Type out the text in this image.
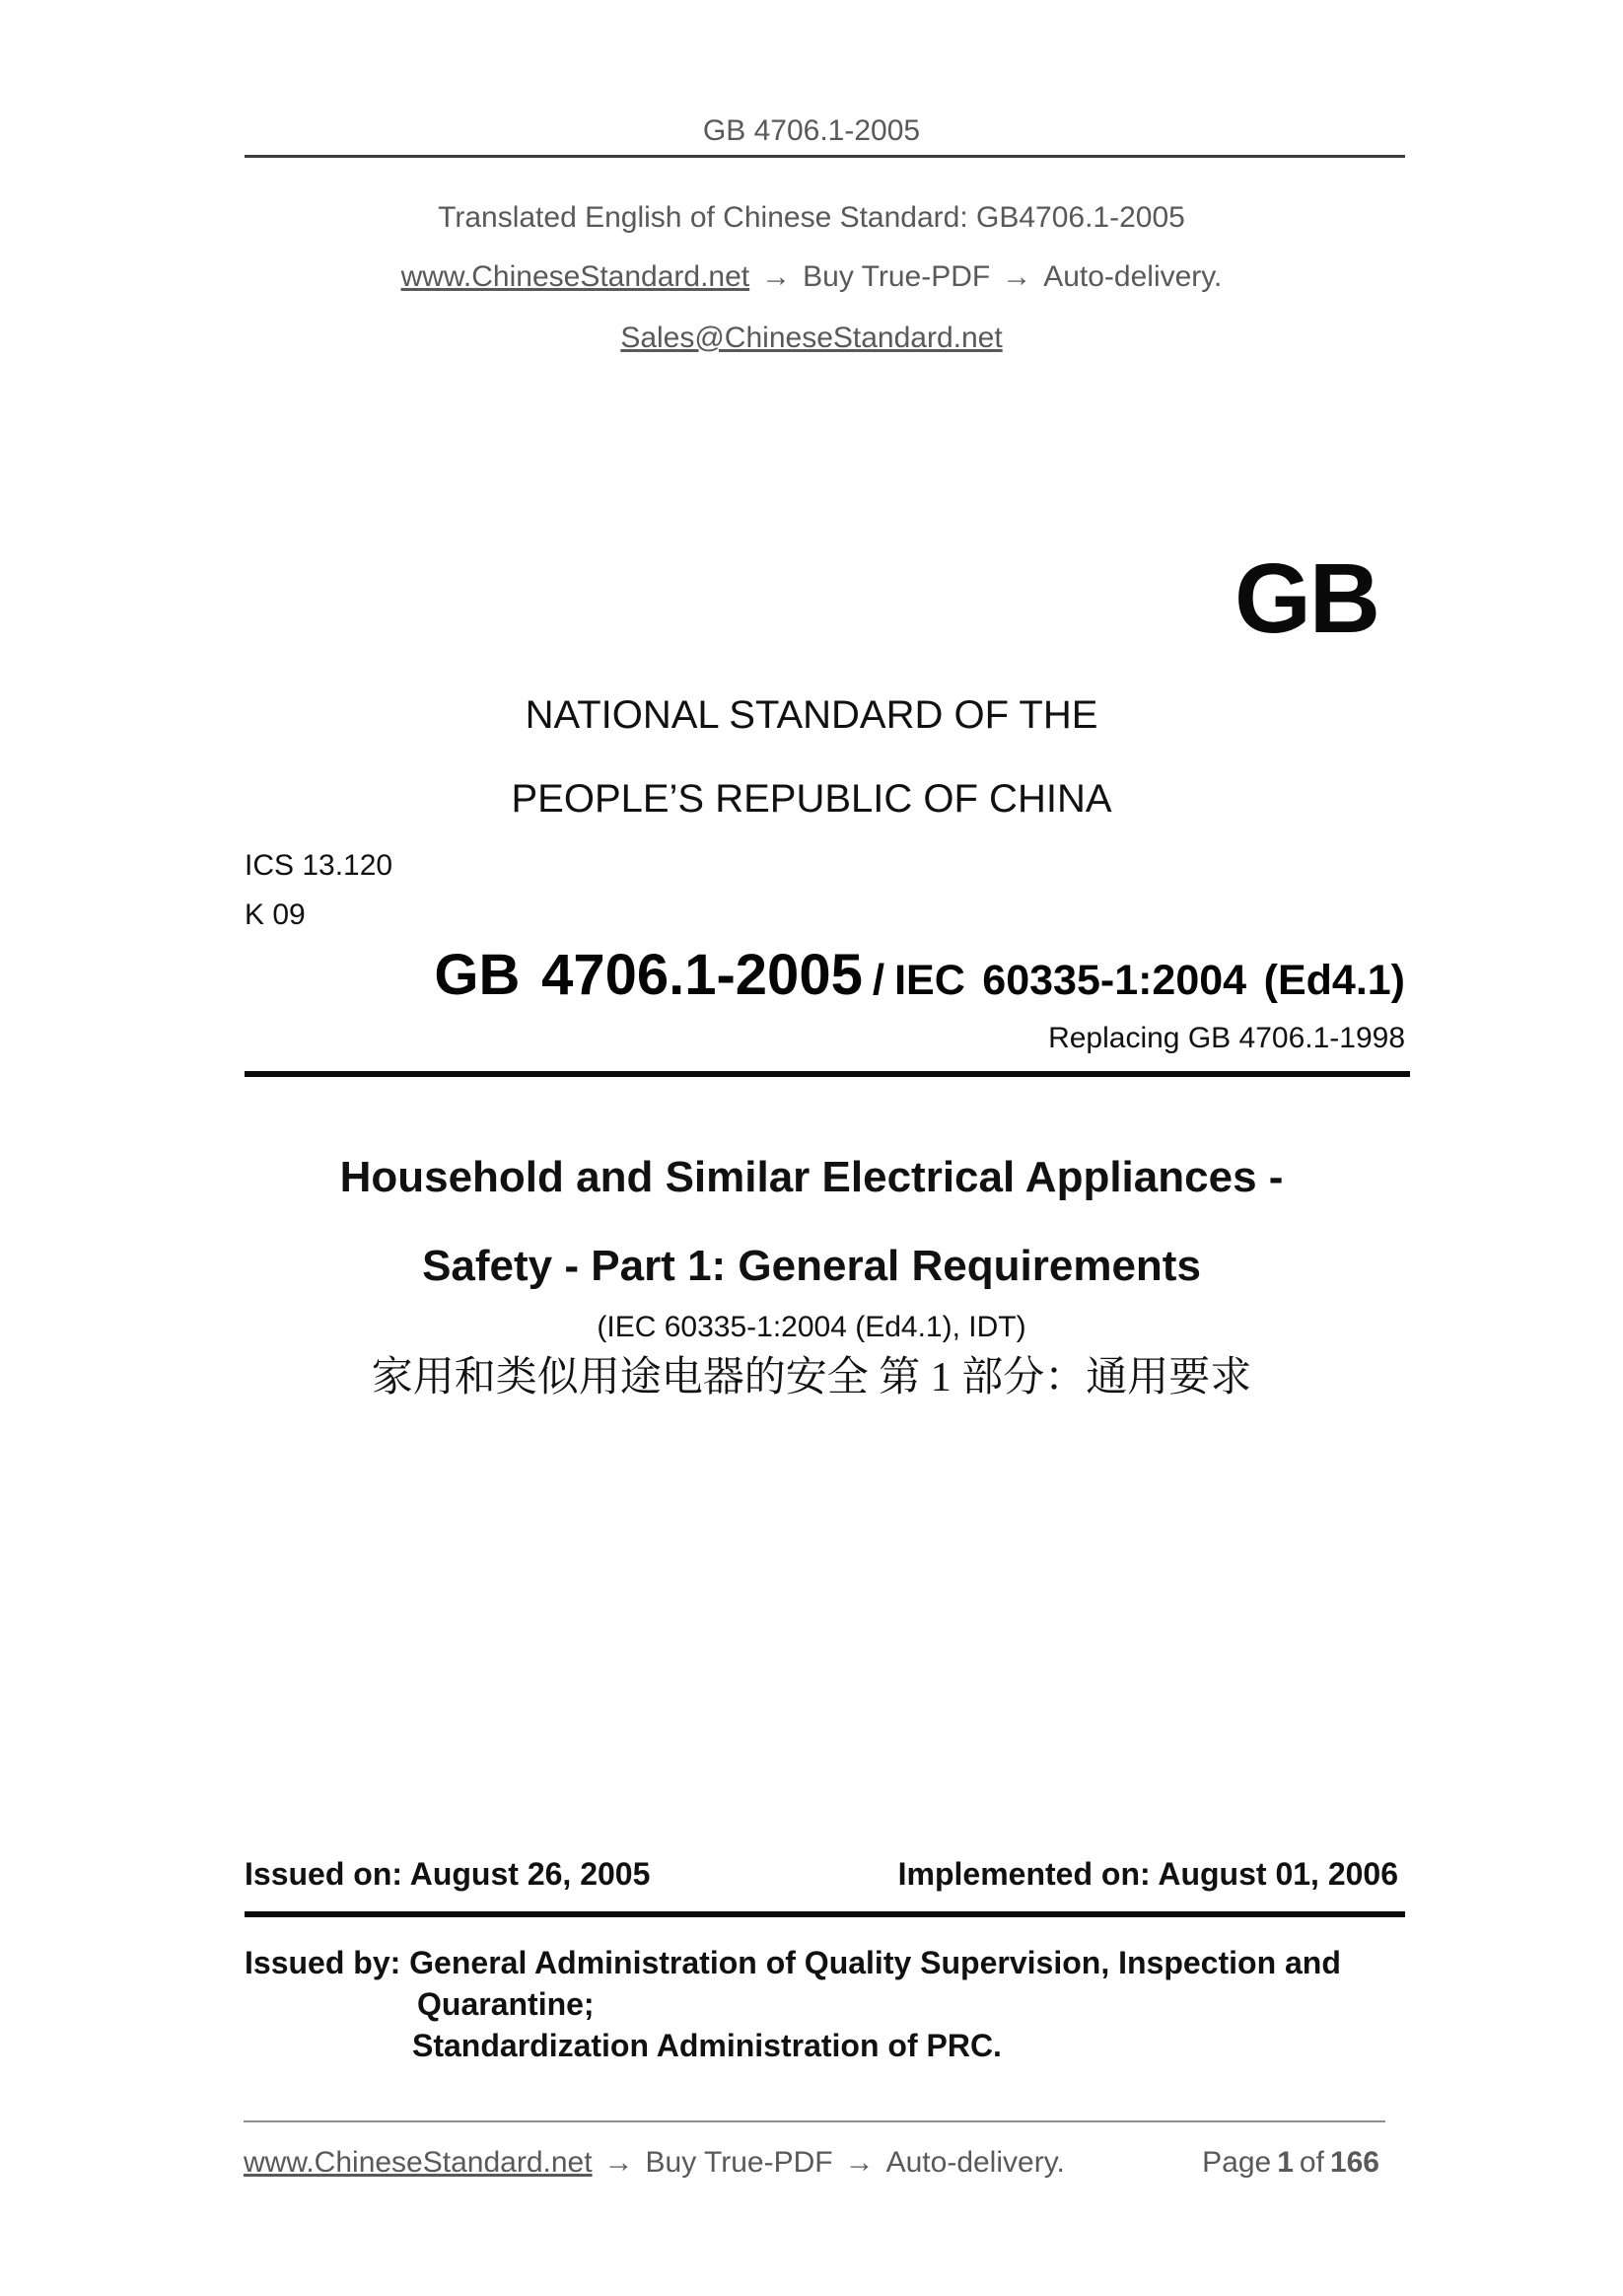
GB 4706.1-2005
Translated English of Chinese Standard: GB4706.1-2005
www.ChineseStandard.net → Buy True-PDF → Auto-delivery.
Sales@ChineseStandard.net
GB
NATIONAL STANDARD OF THE
PEOPLE’S REPUBLIC OF CHINA
ICS 13.120
K 09
GB 4706.1-2005 / IEC 60335-1:2004 (Ed4.1)
Replacing GB 4706.1-1998
Household and Similar Electrical Appliances -
Safety - Part 1: General Requirements
(IEC 60335-1:2004 (Ed4.1), IDT)
家用和类似用途电器的安全 第 1 部分：通用要求
Issued on: August 26, 2005	Implemented on: August 01, 2006
Issued by: General Administration of Quality Supervision, Inspection and
Quarantine;
Standardization Administration of PRC.
www.ChineseStandard.net → Buy True-PDF → Auto-delivery.	Page 1 of 166
